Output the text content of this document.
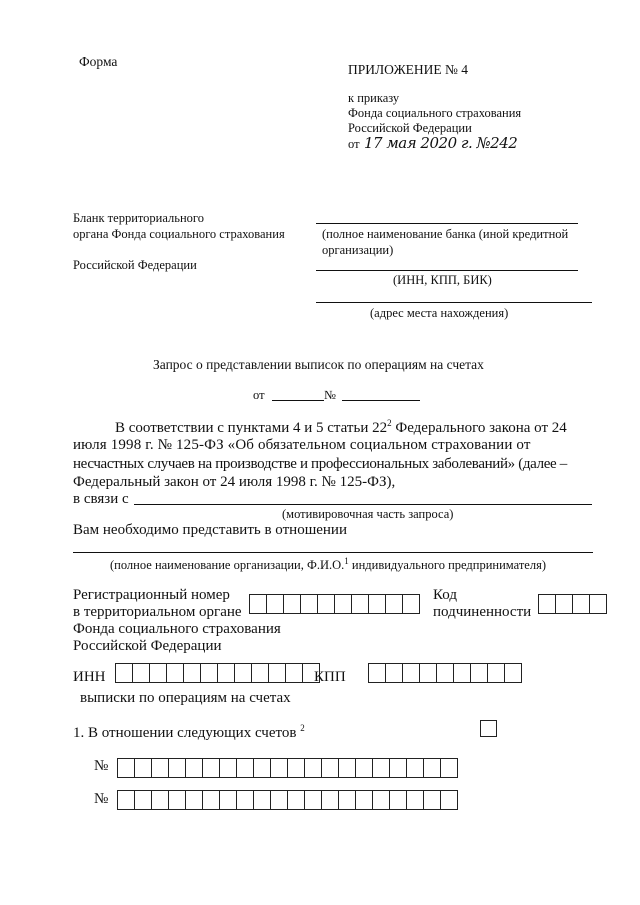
Форма
ПРИЛОЖЕНИЕ № 4
к приказу
Фонда социального страхования
Российской Федерации
от 17 мая 2020 г. №242
Бланк территориального
органа Фонда социального страхования
Российской Федерации
(полное наименование банка (иной кредитной
организации)
(ИНН, КПП, БИК)
(адрес места нахождения)
Запрос о представлении выписок по операциям на счетах
от	№
В соответствии с пунктами 4 и 5 статьи $22^2$ Федерального закона от 24
июля 1998 г. № 125-ФЗ «Об обязательном социальном страховании от
несчастных случаев на производстве и профессиональных заболеваний» (далее –
Федеральный закон от 24 июля 1998 г. № 125-ФЗ),
в связи с
(мотивировочная часть запроса)
Вам необходимо представить в отношении
(полное наименование организации, Ф.И.О.$^1$ индивидуального предпринимателя)
Регистрационный номер
в территориальном органе
Фонда социального страхования
Российской Федерации
Код
подчиненности
ИНН	КПП
выписки по операциям на счетах
1. В отношении следующих счетов $^2$
№
№
